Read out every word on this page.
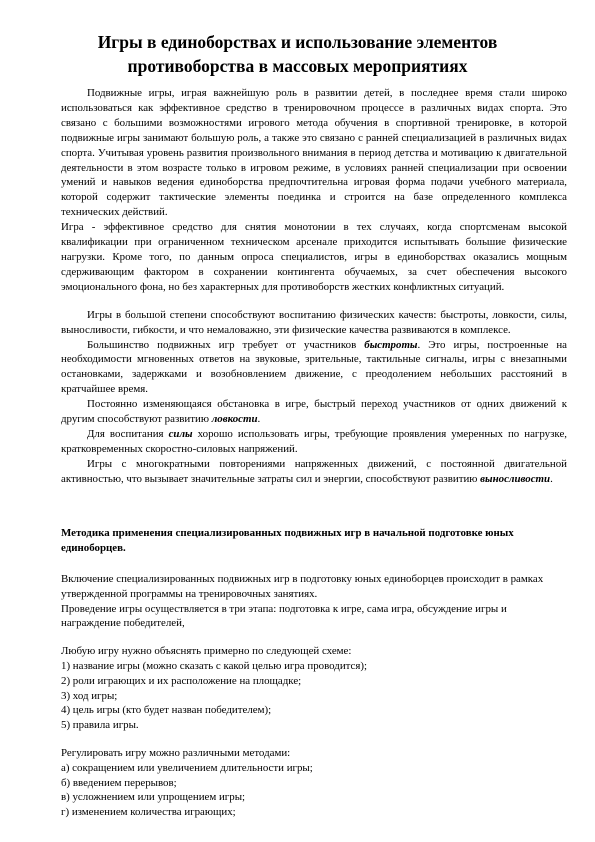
Игры в единоборствах и использование элементов противоборства в массовых мероприятиях

Подвижные игры, играя важнейшую роль в развитии детей, в последнее время стали широко использоваться как эффективное средство в тренировочном процессе в различных видах спорта. Это связано с большими возможностями игрового метода обучения в спортивной тренировке, в которой подвижные игры занимают большую роль, а также это связано с ранней специализацией в различных видах спорта. Учитывая уровень развития произвольного внимания в период детства и мотивацию к двигательной деятельности в этом возрасте только в игровом режиме, в условиях ранней специализации при освоении умений и навыков ведения единоборства предпочтительна игровая форма подачи учебного материала, которой содержит тактические элементы поединка и строится на базе определенного комплекса технических действий.

Игра - эффективное средство для снятия монотонии в тех случаях, когда спортсменам высокой квалификации при ограниченном техническом арсенале приходится испытывать большие физические нагрузки. Кроме того, по данным опроса специалистов, игры в единоборствах оказались мощным сдерживающим фактором в сохранении контингента обучаемых, за счет обеспечения высокого эмоционального фона, но без характерных для противоборств жестких конфликтных ситуаций.

Игры в большой степени способствуют воспитанию физических качеств: быстроты, ловкости, силы, выносливости, гибкости, и что немаловажно, эти физические качества развиваются в комплексе.

Большинство подвижных игр требует от участников быстроты. Это игры, построенные на необходимости мгновенных ответов на звуковые, зрительные, тактильные сигналы, игры с внезапными остановками, задержками и возобновлением движение, с преодолением небольших расстояний в кратчайшее время.

Постоянно изменяющаяся обстановка в игре, быстрый переход участников от одних движений к другим способствуют развитию ловкости.

Для воспитания силы хорошо использовать игры, требующие проявления умеренных по нагрузке, кратковременных скоростно-силовых напряжений.

Игры с многократными повторениями напряженных движений, с постоянной двигательной активностью, что вызывает значительные затраты сил и энергии, способствуют развитию выносливости.

Методика применения специализированных подвижных игр в начальной подготовке юных единоборцев.

Включение специализированных подвижных игр в подготовку юных единоборцев происходит в рамках утвержденной программы на тренировочных занятиях.

Проведение игры осуществляется в три этапа: подготовка к игре, сама игра, обсуждение игры и награждение победителей,

Любую игру нужно объяснять примерно по следующей схеме:

1) название игры (можно сказать с какой целью игра проводится);

2) роли играющих и их расположение на площадке;

3) ход игры;

4) цель игры (кто будет назван победителем);

5) правила игры.

Регулировать игру можно различными методами:

а) сокращением или увеличением длительности игры;

б) введением перерывов;

в) усложнением или упрощением игры;

г) изменением количества играющих;
